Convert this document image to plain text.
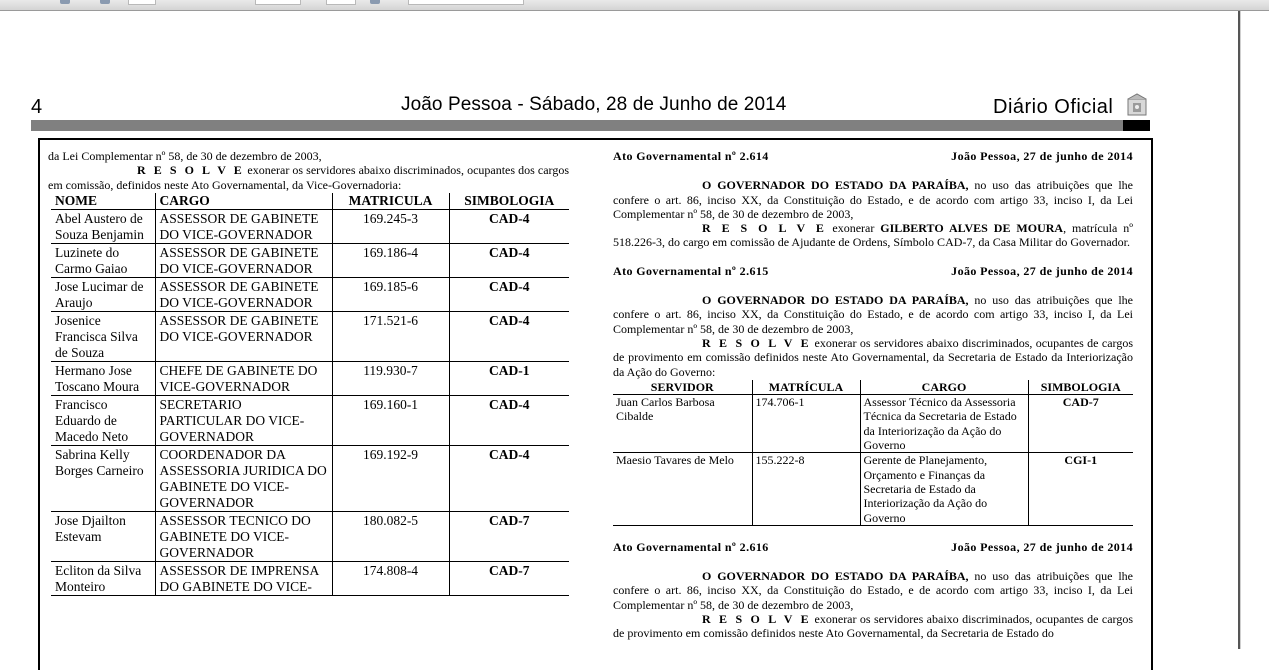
4	João Pessoa - Sábado, 28 de Junho de 2014	Diário Oficial

da Lei Complementar nº 58, de 30 de dezembro de 2003,

R E S O L V E exonerar os servidores abaixo discriminados, ocupantes dos cargos em comissão, definidos neste Ato Governamental, da Vice-Governadoria:

NOME	CARGO	MATRICULA	SIMBOLOGIA
Abel Austero de Souza Benjamin	ASSESSOR DE GABINETE DO VICE-GOVERNADOR	169.245-3	CAD-4
Luzinete do Carmo Gaiao	ASSESSOR DE GABINETE DO VICE-GOVERNADOR	169.186-4	CAD-4
Jose Lucimar de Araujo	ASSESSOR DE GABINETE DO VICE-GOVERNADOR	169.185-6	CAD-4
Josenice Francisca Silva de Souza	ASSESSOR DE GABINETE DO VICE-GOVERNADOR	171.521-6	CAD-4
Hermano Jose Toscano Moura	CHEFE DE GABINETE DO VICE-GOVERNADOR	119.930-7	CAD-1
Francisco Eduardo de Macedo Neto	SECRETARIO PARTICULAR DO VICE-GOVERNADOR	169.160-1	CAD-4
Sabrina Kelly Borges Carneiro	COORDENADOR DA ASSESSORIA JURIDICA DO GABINETE DO VICE-GOVERNADOR	169.192-9	CAD-4
Jose Djailton Estevam	ASSESSOR TECNICO DO GABINETE DO VICE-GOVERNADOR	180.082-5	CAD-7
Ecliton da Silva Monteiro	ASSESSOR DE IMPRENSA DO GABINETE DO VICE-	174.808-4	CAD-7
Ato Governamental nº 2.614	João Pessoa, 27 de junho de 2014

O GOVERNADOR DO ESTADO DA PARAÍBA, no uso das atribuições que lhe confere o art. 86, inciso XX, da Constituição do Estado, e de acordo com artigo 33, inciso I, da Lei Complementar nº 58, de 30 de dezembro de 2003,

R E S O L V E exonerar GILBERTO ALVES DE MOURA, matrícula nº 518.226-3, do cargo em comissão de Ajudante de Ordens, Símbolo CAD-7, da Casa Militar do Governador.

Ato Governamental nº 2.615	João Pessoa, 27 de junho de 2014

O GOVERNADOR DO ESTADO DA PARAÍBA, no uso das atribuições que lhe confere o art. 86, inciso XX, da Constituição do Estado, e de acordo com artigo 33, inciso I, da Lei Complementar nº 58, de 30 de dezembro de 2003,

R E S O L V E exonerar os servidores abaixo discriminados, ocupantes de cargos de provimento em comissão definidos neste Ato Governamental, da Secretaria de Estado da Interiorização da Ação do Governo:

SERVIDOR	MATRÍCULA	CARGO	SIMBOLOGIA
Juan Carlos Barbosa Cibalde	174.706-1	Assessor Técnico da Assessoria Técnica da Secretaria de Estado da Interiorização da Ação do Governo	CAD-7
Maesio Tavares de Melo	155.222-8	Gerente de Planejamento, Orçamento e Finanças da Secretaria de Estado da Interiorização da Ação do Governo	CGI-1
Ato Governamental nº 2.616	João Pessoa, 27 de junho de 2014

O GOVERNADOR DO ESTADO DA PARAÍBA, no uso das atribuições que lhe confere o art. 86, inciso XX, da Constituição do Estado, e de acordo com artigo 33, inciso I, da Lei Complementar nº 58, de 30 de dezembro de 2003,

R E S O L V E exonerar os servidores abaixo discriminados, ocupantes de cargos de provimento em comissão definidos neste Ato Governamental, da Secretaria de Estado do
